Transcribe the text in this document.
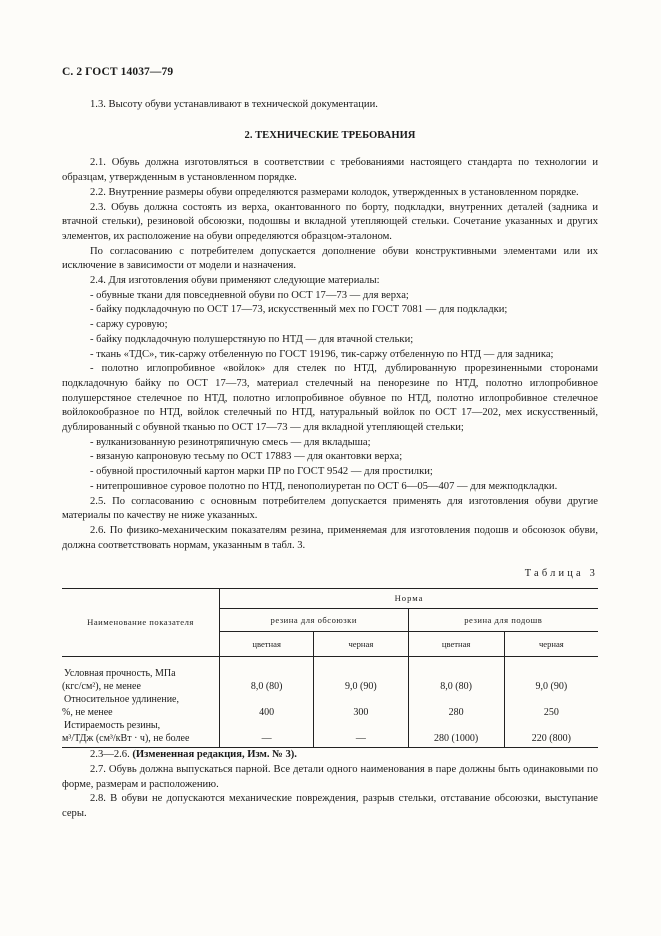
С. 2 ГОСТ 14037—79

1.3. Высоту обуви устанавливают в технической документации.

2. ТЕХНИЧЕСКИЕ ТРЕБОВАНИЯ

2.1. Обувь должна изготовляться в соответствии с требованиями настоящего стандарта по технологии и образцам, утвержденным в установленном порядке.

2.2. Внутренние размеры обуви определяются размерами колодок, утвержденных в установленном порядке.

2.3. Обувь должна состоять из верха, окантованного по борту, подкладки, внутренних деталей (задника и втачной стельки), резиновой обсоюзки, подошвы и вкладной утепляющей стельки. Сочетание указанных и других элементов, их расположение на обуви определяются образцом-эталоном.

По согласованию с потребителем допускается дополнение обуви конструктивными элементами или их исключение в зависимости от модели и назначения.

2.4. Для изготовления обуви применяют следующие материалы:

- обувные ткани для повседневной обуви по ОСТ 17—73 — для верха;

- байку подкладочную по ОСТ 17—73, искусственный мех по ГОСТ 7081 — для подкладки;

- саржу суровую;

- байку подкладочную полушерстяную по НТД — для втачной стельки;

- ткань «ТДС», тик-саржу отбеленную по ГОСТ 19196, тик-саржу отбеленную по НТД — для задника;

- полотно иглопробивное «войлок» для стелек по НТД, дублированную прорезиненными сторонами подкладочную байку по ОСТ 17—73, материал стелечный на пенорезине по НТД, полотно иглопробивное полушерстяное стелечное по НТД, полотно иглопробивное обувное по НТД, полотно иглопробивное стелечное войлокообразное по НТД, войлок стелечный по НТД, натуральный войлок по ОСТ 17—202, мех искусственный, дублированный с обувной тканью по ОСТ 17—73 — для вкладной утепляющей стельки;

- вулканизованную резинотряпичную смесь — для вкладыша;

- вязаную капроновую тесьму по ОСТ 17883 — для окантовки верха;

- обувной простилочный картон марки ПР по ГОСТ 9542 — для простилки;

- нитепрошивное суровое полотно по НТД, пенополиуретан по ОСТ 6—05—407 — для межподкладки.

2.5. По согласованию с основным потребителем допускается применять для изготовления обуви другие материалы по качеству не ниже указанных.

2.6. По физико-механическим показателям резина, применяемая для изготовления подошв и обсоюзок обуви, должна соответствовать нормам, указанным в табл. 3.

Таблица 3
Наименование показателя	Норма			
	резина для обсоюзки		резина для подошв	
	цветная	черная	цветная	черная

Условная прочность, МПа
(кгс/см²), не менее	8,0 (80)	9,0 (90)	8,0 (80)	9,0 (90)

Относительное удлинение,
%, не менее	400	300	280	250

Истираемость резины,
м³/ТДж (см³/кВт · ч), не более	—	—	280 (1000)	220 (800)

2.3—2.6. (Измененная редакция, Изм. № 3).

2.7. Обувь должна выпускаться парной. Все детали одного наименования в паре должны быть одинаковыми по форме, размерам и расположению.

2.8. В обуви не допускаются механические повреждения, разрыв стельки, отставание обсоюзки, выступание серы.
